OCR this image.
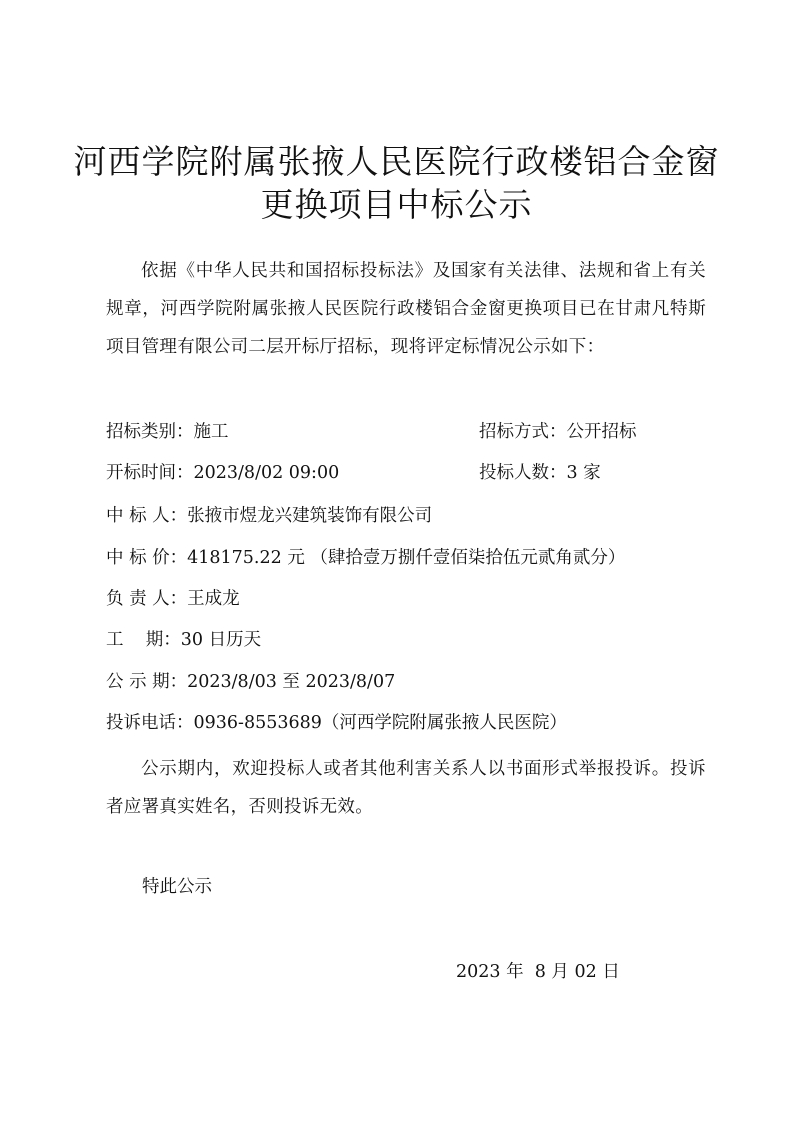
河西学院附属张掖人民医院行政楼铝合金窗
更换项目中标公示
依据《中华人民共和国招标投标法》及国家有关法律、法规和省上有关规章，河西学院附属张掖人民医院行政楼铝合金窗更换项目已在甘肃凡特斯项目管理有限公司二层开标厅招标，现将评定标情况公示如下：
招标类别：施工	招标方式：公开招标
开标时间：2023/8/02 09:00	投标人数：3 家
中 标 人：张掖市煜龙兴建筑装饰有限公司
中 标 价：418175.22 元 （肆拾壹万捌仟壹佰柒拾伍元贰角贰分）
负 责 人：王成龙
工    期：30 日历天
公 示 期：2023/8/03 至 2023/8/07
投诉电话：0936-8553689（河西学院附属张掖人民医院）
公示期内，欢迎投标人或者其他利害关系人以书面形式举报投诉。投诉者应署真实姓名，否则投诉无效。
特此公示
2023 年  8 月 02 日
